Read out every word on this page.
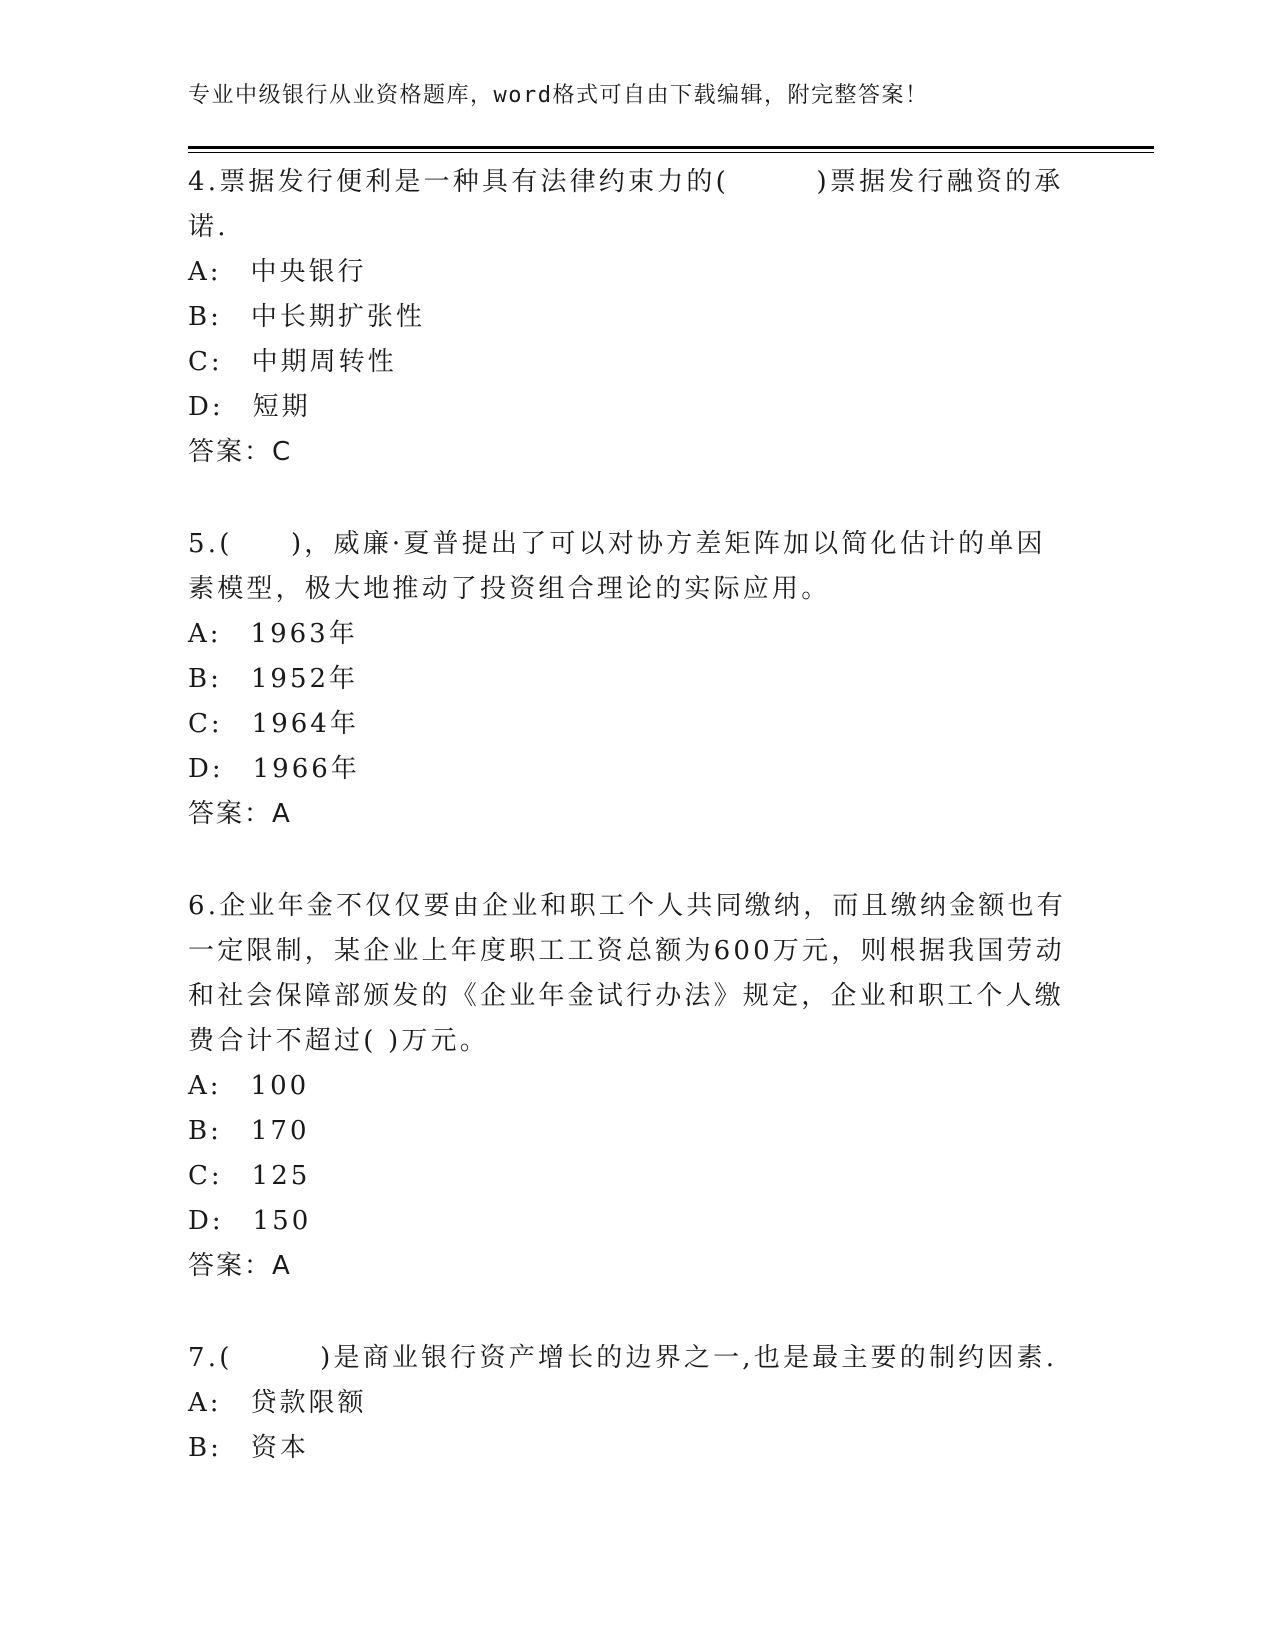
专业中级银行从业资格题库，word格式可自由下载编辑，附完整答案！

4.票据发行便利是一种具有法律约束力的(　　　)票据发行融资的承

诺.

A:　中央银行

B:　中长期扩张性

C:　中期周转性

D:　短期

答案：C

5.(　　)，威廉·夏普提出了可以对协方差矩阵加以简化估计的单因

素模型，极大地推动了投资组合理论的实际应用。

A:　1963年

B:　1952年

C:　1964年

D:　1966年

答案：A

6.企业年金不仅仅要由企业和职工个人共同缴纳，而且缴纳金额也有

一定限制，某企业上年度职工工资总额为600万元，则根据我国劳动

和社会保障部颁发的《企业年金试行办法》规定，企业和职工个人缴

费合计不超过( )万元。

A:　100

B:　170

C:　125

D:　150

答案：A

7.(　　　)是商业银行资产增长的边界之一,也是最主要的制约因素.

A:　贷款限额

B:　资本
